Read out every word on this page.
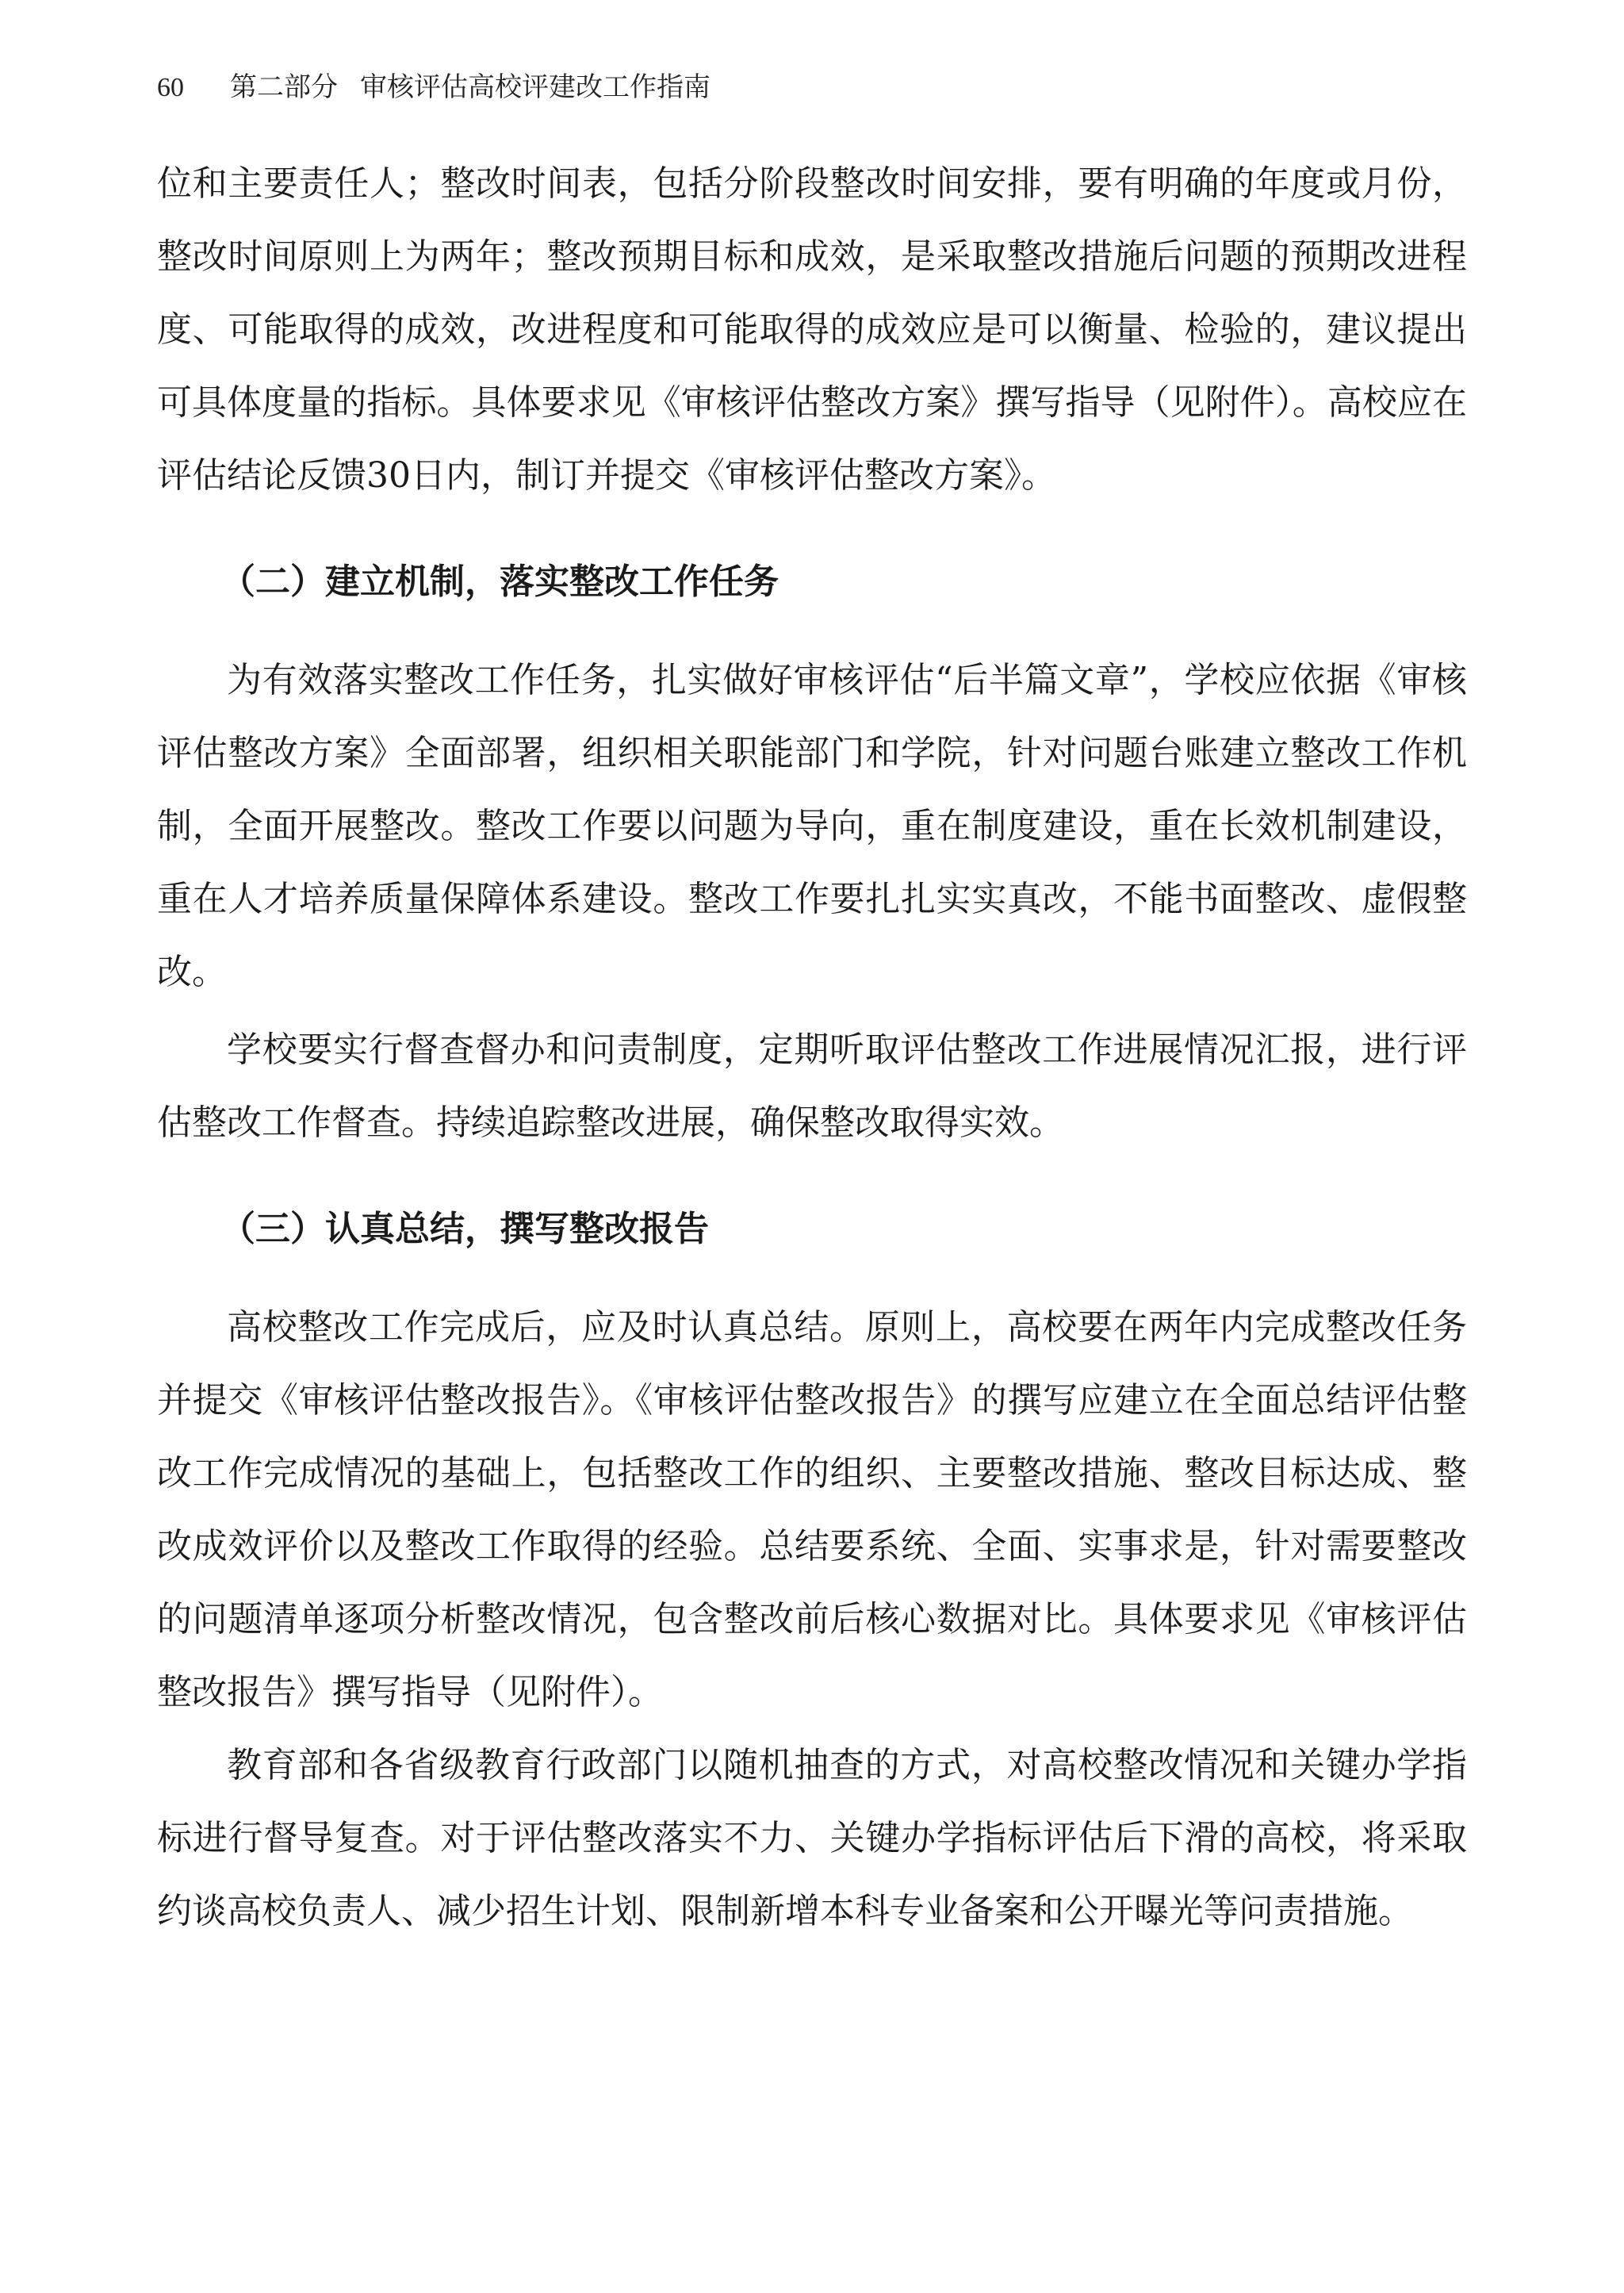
60 第二部分 审核评估高校评建改工作指南

位和主要责任人；整改时间表，包括分阶段整改时间安排，要有明确的年度或月份，整改时间原则上为两年；整改预期目标和成效，是采取整改措施后问题的预期改进程度、可能取得的成效，改进程度和可能取得的成效应是可以衡量、检验的，建议提出可具体度量的指标。具体要求见《审核评估整改方案》撰写指导（见附件）。高校应在评估结论反馈30日内，制订并提交《审核评估整改方案》。

（二）建立机制，落实整改工作任务

为有效落实整改工作任务，扎实做好审核评估“后半篇文章”，学校应依据《审核评估整改方案》全面部署，组织相关职能部门和学院，针对问题台账建立整改工作机制，全面开展整改。整改工作要以问题为导向，重在制度建设，重在长效机制建设，重在人才培养质量保障体系建设。整改工作要扎扎实实真改，不能书面整改、虚假整改。

学校要实行督查督办和问责制度，定期听取评估整改工作进展情况汇报，进行评估整改工作督查。持续追踪整改进展，确保整改取得实效。

（三）认真总结，撰写整改报告

高校整改工作完成后，应及时认真总结。原则上，高校要在两年内完成整改任务并提交《审核评估整改报告》。《审核评估整改报告》的撰写应建立在全面总结评估整改工作完成情况的基础上，包括整改工作的组织、主要整改措施、整改目标达成、整改成效评价以及整改工作取得的经验。总结要系统、全面、实事求是，针对需要整改的问题清单逐项分析整改情况，包含整改前后核心数据对比。具体要求见《审核评估整改报告》撰写指导（见附件）。

教育部和各省级教育行政部门以随机抽查的方式，对高校整改情况和关键办学指标进行督导复查。对于评估整改落实不力、关键办学指标评估后下滑的高校，将采取约谈高校负责人、减少招生计划、限制新增本科专业备案和公开曝光等问责措施。
